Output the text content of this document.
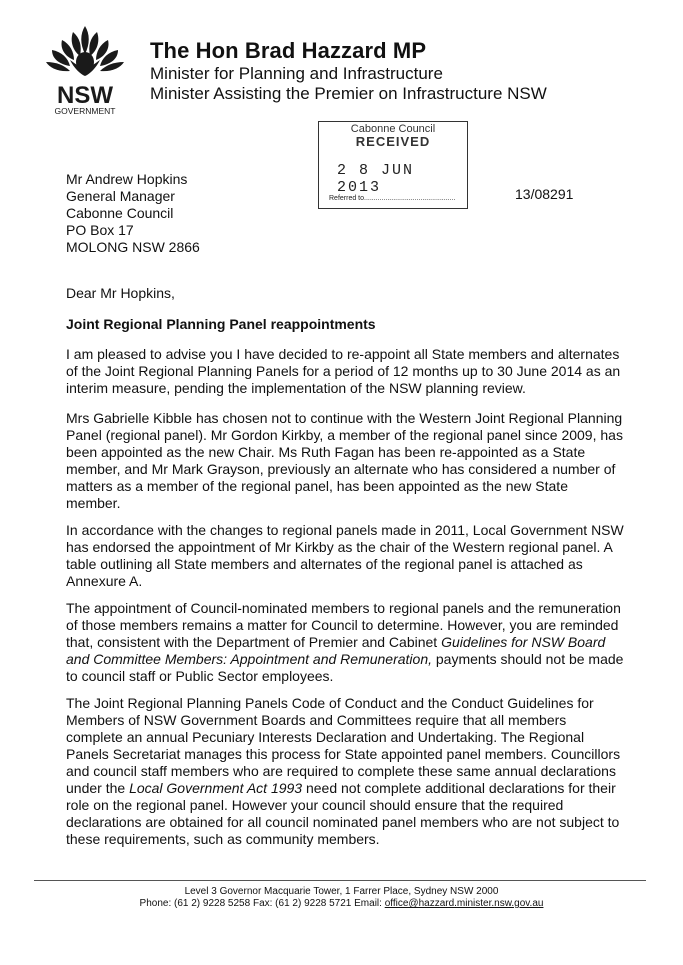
NSW
GOVERNMENT
The Hon Brad Hazzard MP
Minister for Planning and Infrastructure
Minister Assisting the Premier on Infrastructure NSW
Cabonne Council
RECEIVED
2 8 JUN 2013
Referred to...............................................
Mr Andrew Hopkins
General Manager
Cabonne Council
PO Box 17
MOLONG NSW 2866
13/08291
Dear Mr Hopkins,
Joint Regional Planning Panel reappointments

I am pleased to advise you I have decided to re-appoint all State members and alternates of the Joint Regional Planning Panels for a period of 12 months up to 30 June 2014 as an interim measure, pending the implementation of the NSW planning review.

Mrs Gabrielle Kibble has chosen not to continue with the Western Joint Regional Planning Panel (regional panel). Mr Gordon Kirkby, a member of the regional panel since 2009, has been appointed as the new Chair. Ms Ruth Fagan has been re-appointed as a State member, and Mr Mark Grayson, previously an alternate who has considered a number of matters as a member of the regional panel, has been appointed as the new State member.

In accordance with the changes to regional panels made in 2011, Local Government NSW has endorsed the appointment of Mr Kirkby as the chair of the Western regional panel. A table outlining all State members and alternates of the regional panel is attached as Annexure A.

The appointment of Council-nominated members to regional panels and the remuneration of those members remains a matter for Council to determine. However, you are reminded that, consistent with the Department of Premier and Cabinet Guidelines for NSW Board and Committee Members: Appointment and Remuneration, payments should not be made to council staff or Public Sector employees.

The Joint Regional Planning Panels Code of Conduct and the Conduct Guidelines for Members of NSW Government Boards and Committees require that all members complete an annual Pecuniary Interests Declaration and Undertaking. The Regional Panels Secretariat manages this process for State appointed panel members. Councillors and council staff members who are required to complete these same annual declarations under the Local Government Act 1993 need not complete additional declarations for their role on the regional panel. However your council should ensure that the required declarations are obtained for all council nominated panel members who are not subject to these requirements, such as community members.

Level 3 Governor Macquarie Tower, 1 Farrer Place, Sydney NSW 2000
Phone: (61 2) 9228 5258 Fax: (61 2) 9228 5721 Email: office@hazzard.minister.nsw.gov.au
